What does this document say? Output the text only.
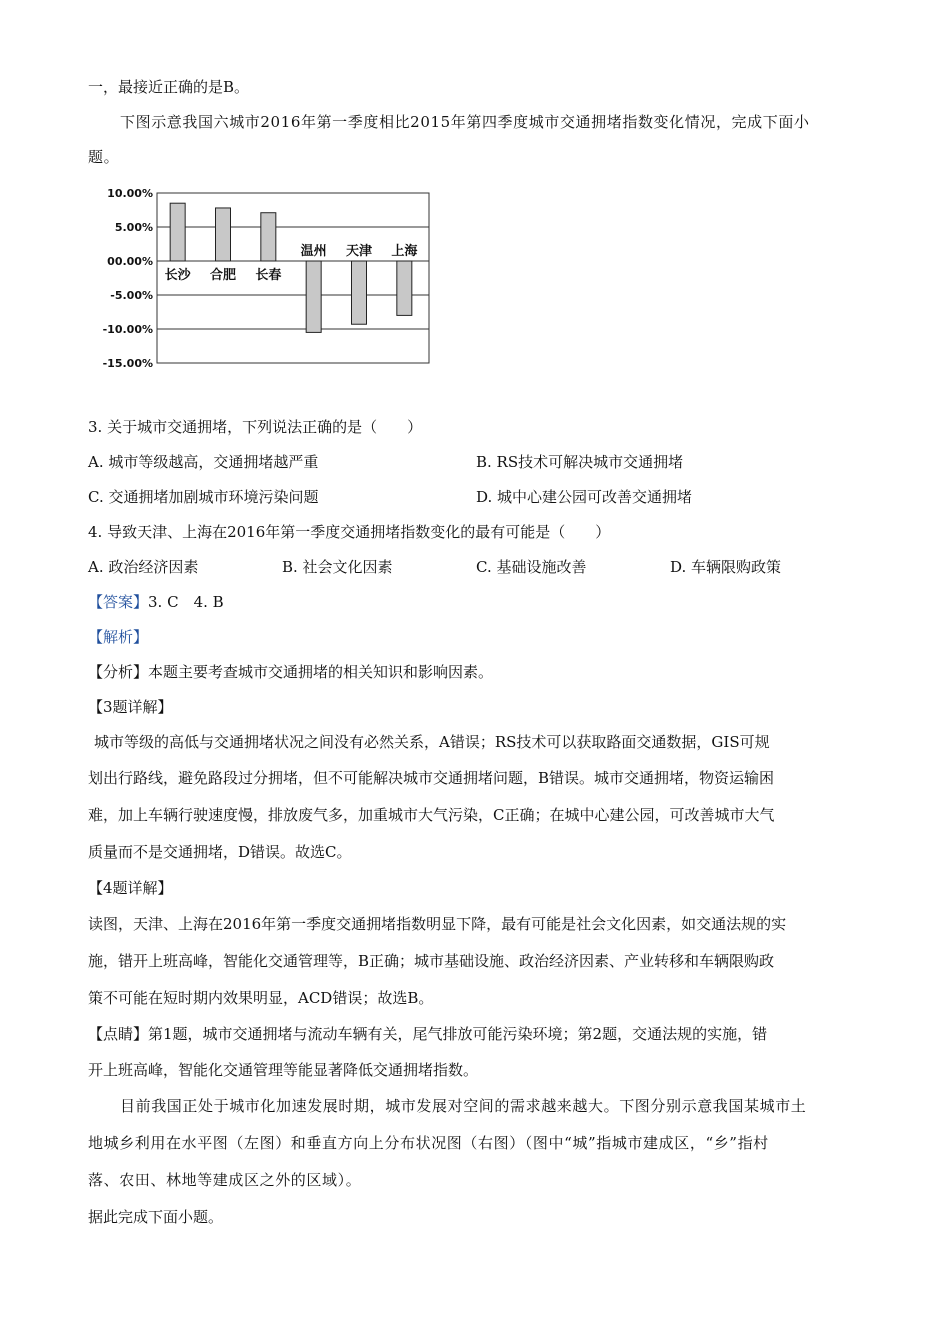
一，最接近正确的是B。
下图示意我国六城市2016年第一季度相比2015年第四季度城市交通拥堵指数变化情况，完成下面小
题。
10.00%
5.00%
00.00%
-5.00%
-10.00%
-15.00%
长沙 合肥 长春
温州 天津 上海
3. 关于城市交通拥堵，下列说法正确的是（　　）
A. 城市等级越高，交通拥堵越严重	B. RS技术可解决城市交通拥堵
C. 交通拥堵加剧城市环境污染问题	D. 城中心建公园可改善交通拥堵
4. 导致天津、上海在2016年第一季度交通拥堵指数变化的最有可能是（　　）
A. 政治经济因素	B. 社会文化因素	C. 基础设施改善	D. 车辆限购政策
【答案】3. C　4. B
【解析】
【分析】本题主要考查城市交通拥堵的相关知识和影响因素。
【3题详解】
城市等级的高低与交通拥堵状况之间没有必然关系，A错误；RS技术可以获取路面交通数据，GIS可规
划出行路线，避免路段过分拥堵，但不可能解决城市交通拥堵问题，B错误。城市交通拥堵，物资运输困
难，加上车辆行驶速度慢，排放废气多，加重城市大气污染，C正确；在城中心建公园，可改善城市大气
质量而不是交通拥堵，D错误。故选C。
【4题详解】
读图，天津、上海在2016年第一季度交通拥堵指数明显下降，最有可能是社会文化因素，如交通法规的实
施，错开上班高峰，智能化交通管理等，B正确；城市基础设施、政治经济因素、产业转移和车辆限购政
策不可能在短时期内效果明显，ACD错误；故选B。
【点睛】第1题，城市交通拥堵与流动车辆有关，尾气排放可能污染环境；第2题，交通法规的实施，错
开上班高峰，智能化交通管理等能显著降低交通拥堵指数。
目前我国正处于城市化加速发展时期，城市发展对空间的需求越来越大。下图分别示意我国某城市土
地城乡利用在水平图（左图）和垂直方向上分布状况图（右图）（图中“城”指城市建成区，“乡”指村
落、农田、林地等建成区之外的区域）。
据此完成下面小题。
